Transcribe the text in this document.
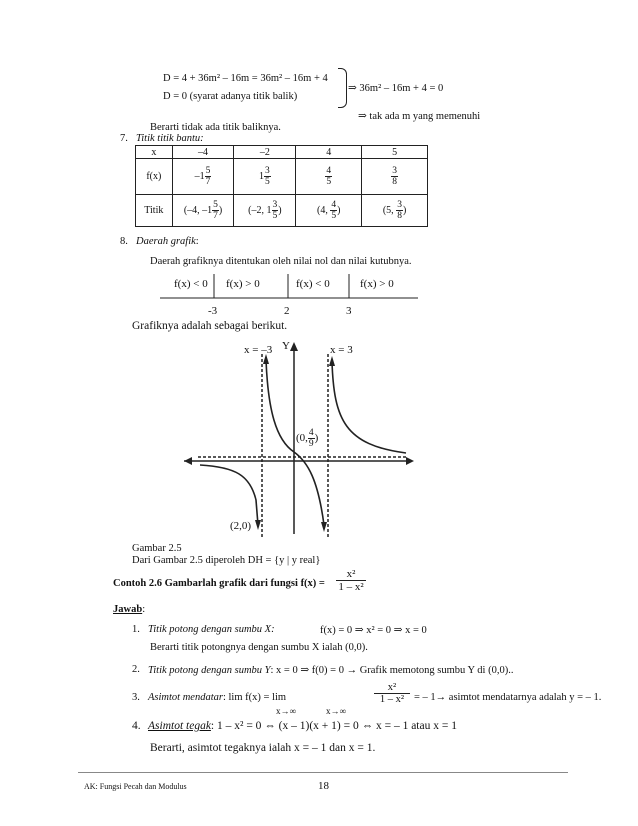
D = 4 + 36m² – 16m = 36m² – 16m + 4
D = 0 (syarat adanya titik balik)
⇒ 36m² – 16m + 4 = 0
⇒ tak ada m yang memenuhi
Berarti tidak ada titik baliknya.
7. Titik titik bantu:
x	–4	–2	4	5
f(x)	$-1 \frac{5}{7}$	$1 \frac{3}{5}$	$\frac{4}{5}$	$\frac{3}{8}$

Titik	(–4, $-1 \frac{5}{7}$ )	(–2, $1 \frac{3}{5}$ )	(4, $\frac{4}{5}$ )	(5, $\frac{3}{8}$ )
8. Daerah grafik:
Daerah grafiknya ditentukan oleh nilai nol dan nilai kutubnya.
f(x) < 0 f(x) > 0	f(x) < 0	f(x) > 0
-3	2	3
Grafiknya adalah sebagai berikut.
x = –3 Y	x = 3
(0, $\frac{4}{9}$ )
(2,0)
Gambar 2.5
Dari Gambar 2.5 diperoleh DH = {y | y real}
Contoh 2.6 Gambarlah grafik dari fungsi $f(x) = \frac{\text{x²}}{\text{1 – x²}}$
Jawab:
1. Titik potong dengan sumbu X:	f(x) = 0 ⇒ x² = 0 ⇒ x = 0
Berarti titik potongnya dengan sumbu X ialah (0,0).
2. Titik potong dengan sumbu Y: x = 0 ⇒ f(0) = 0 → Grafik memotong sumbu Y di (0,0)..
3. Asimtot mendatar: lim f(x) = lim
x→∞	x→∞
$\frac{\text{x²}}{\text{1 – x²}}$ = – 1→ asimtot mendatarnya adalah y = – 1.
4. Asimtot tegak: 1 – x² = 0 ⇔ (x – 1)(x + 1) = 0 ⇔ x = – 1 atau x = 1
Berarti, asimtot tegaknya ialah x = – 1 dan x = 1.
AK: Fungsi Pecah dan Modulus	18
